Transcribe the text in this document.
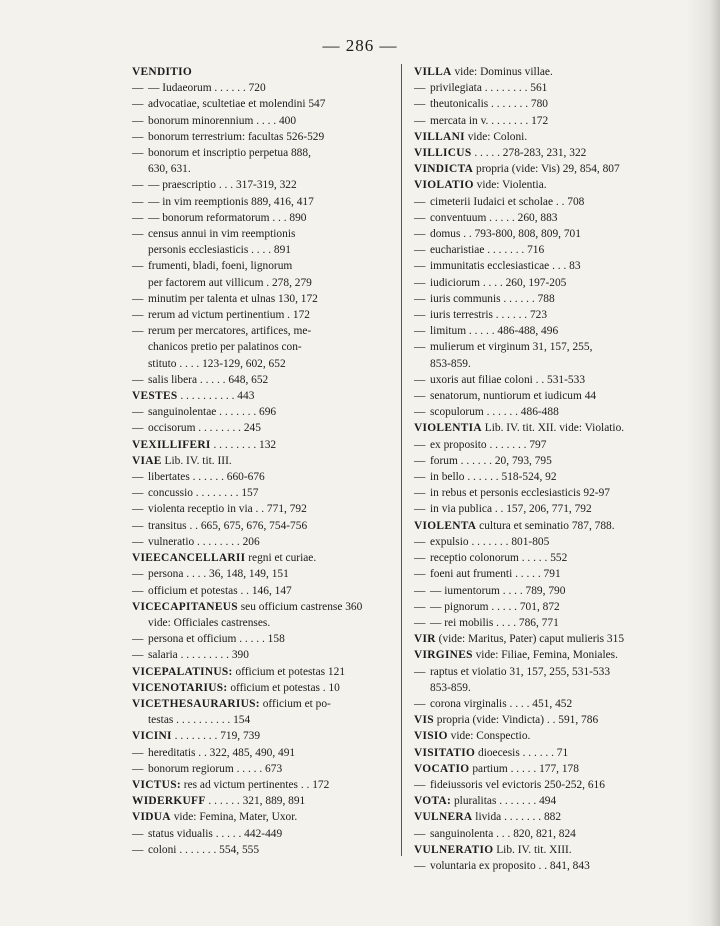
— 286 —
VENDITIO
—
— Iudaeorum . . . . . . 720
—
advocatiae, scultetiae et molendini 547
—
bonorum minorennium . . . . 400
—
bonorum terrestrium: facultas 526-529
—
bonorum et inscriptio perpetua 888,
630, 631.
—
— praescriptio . . . 317-319, 322
—
— in vim reemptionis 889, 416, 417
—
— bonorum reformatorum . . . 890
—
census annui in vim reemptionis
personis ecclesiasticis . . . . 891
—
frumenti, bladi, foeni, lignorum
per factorem aut villicum . 278, 279
—
minutim per talenta et ulnas 130, 172
—
rerum ad victum pertinentium . 172
—
rerum per mercatores, artifices, me-
chanicos pretio per palatinos con-
stituto . . . . 123-129, 602, 652
—
salis libera . . . . . 648, 652
VESTES . . . . . . . . . . 443
—
sanguinolentae . . . . . . . 696
—
occisorum . . . . . . . . 245
VEXILLIFERI . . . . . . . . 132
VIAE Lib. IV. tit. III.
—
libertates . . . . . . 660-676
—
concussio . . . . . . . . 157
—
violenta receptio in via . . 771, 792
—
transitus . . 665, 675, 676, 754-756
—
vulneratio . . . . . . . . 206
VIEECANCELLARII regni et curiae.
—
persona . . . . 36, 148, 149, 151
—
officium et potestas . . 146, 147
VICECAPITANEUS seu officium castrense 360
vide: Officiales castrenses.
—
persona et officium . . . . . 158
—
salaria . . . . . . . . . 390
VICEPALATINUS: officium et potestas 121
VICENOTARIUS: officium et potestas . 10
VICETHESAURARIUS: officium et po-
testas . . . . . . . . . . 154
VICINI . . . . . . . . 719, 739
—
hereditatis . . 322, 485, 490, 491
—
bonorum regiorum . . . . . 673
VICTUS: res ad victum pertinentes . . 172
WIDERKUFF . . . . . . 321, 889, 891
VIDUA vide: Femina, Mater, Uxor.
—
status vidualis . . . . . 442-449
—
coloni . . . . . . . 554, 555
VILLA vide: Dominus villae.
—
privilegiata . . . . . . . . 561
—
theutonicalis . . . . . . . 780
—
mercata in v. . . . . . . . 172
VILLANI vide: Coloni.
VILLICUS . . . . . 278-283, 231, 322
VINDICTA propria (vide: Vis) 29, 854, 807
VIOLATIO vide: Violentia.
—
cimeterii Iudaici et scholae . . 708
—
conventuum . . . . . 260, 883
—
domus . . 793-800, 808, 809, 701
—
eucharistiae . . . . . . . 716
—
immunitatis ecclesiasticae . . . 83
—
iudiciorum . . . . 260, 197-205
—
iuris communis . . . . . . 788
—
iuris terrestris . . . . . . 723
—
limitum . . . . . 486-488, 496
—
mulierum et virginum 31, 157, 255,
853-859.
—
uxoris aut filiae coloni . . 531-533
—
senatorum, nuntiorum et iudicum 44
—
scopulorum . . . . . . 486-488
VIOLENTIA Lib. IV. tit. XII. vide: Violatio.
—
ex proposito . . . . . . . 797
—
forum . . . . . . 20, 793, 795
—
in bello . . . . . . 518-524, 92
—
in rebus et personis ecclesiasticis 92-97
—
in via publica . . 157, 206, 771, 792
VIOLENTA cultura et seminatio 787, 788.
—
expulsio . . . . . . . 801-805
—
receptio colonorum . . . . . 552
—
foeni aut frumenti . . . . . 791
—
— iumentorum . . . . 789, 790
—
— pignorum . . . . . 701, 872
—
— rei mobilis . . . . 786, 771
VIR (vide: Maritus, Pater) caput mulieris 315
VIRGINES vide: Filiae, Femina, Moniales.
—
raptus et violatio 31, 157, 255, 531-533
853-859.
—
corona virginalis . . . . 451, 452
VIS propria (vide: Vindicta) . . 591, 786
VISIO vide: Conspectio.
VISITATIO dioecesis . . . . . . 71
VOCATIO partium . . . . . 177, 178
—
fideiussoris vel evictoris 250-252, 616
VOTA: pluralitas . . . . . . . 494
VULNERA livida . . . . . . . 882
—
sanguinolenta . . . 820, 821, 824
VULNERATIO Lib. IV. tit. XIII.
—
voluntaria ex proposito . . 841, 843
